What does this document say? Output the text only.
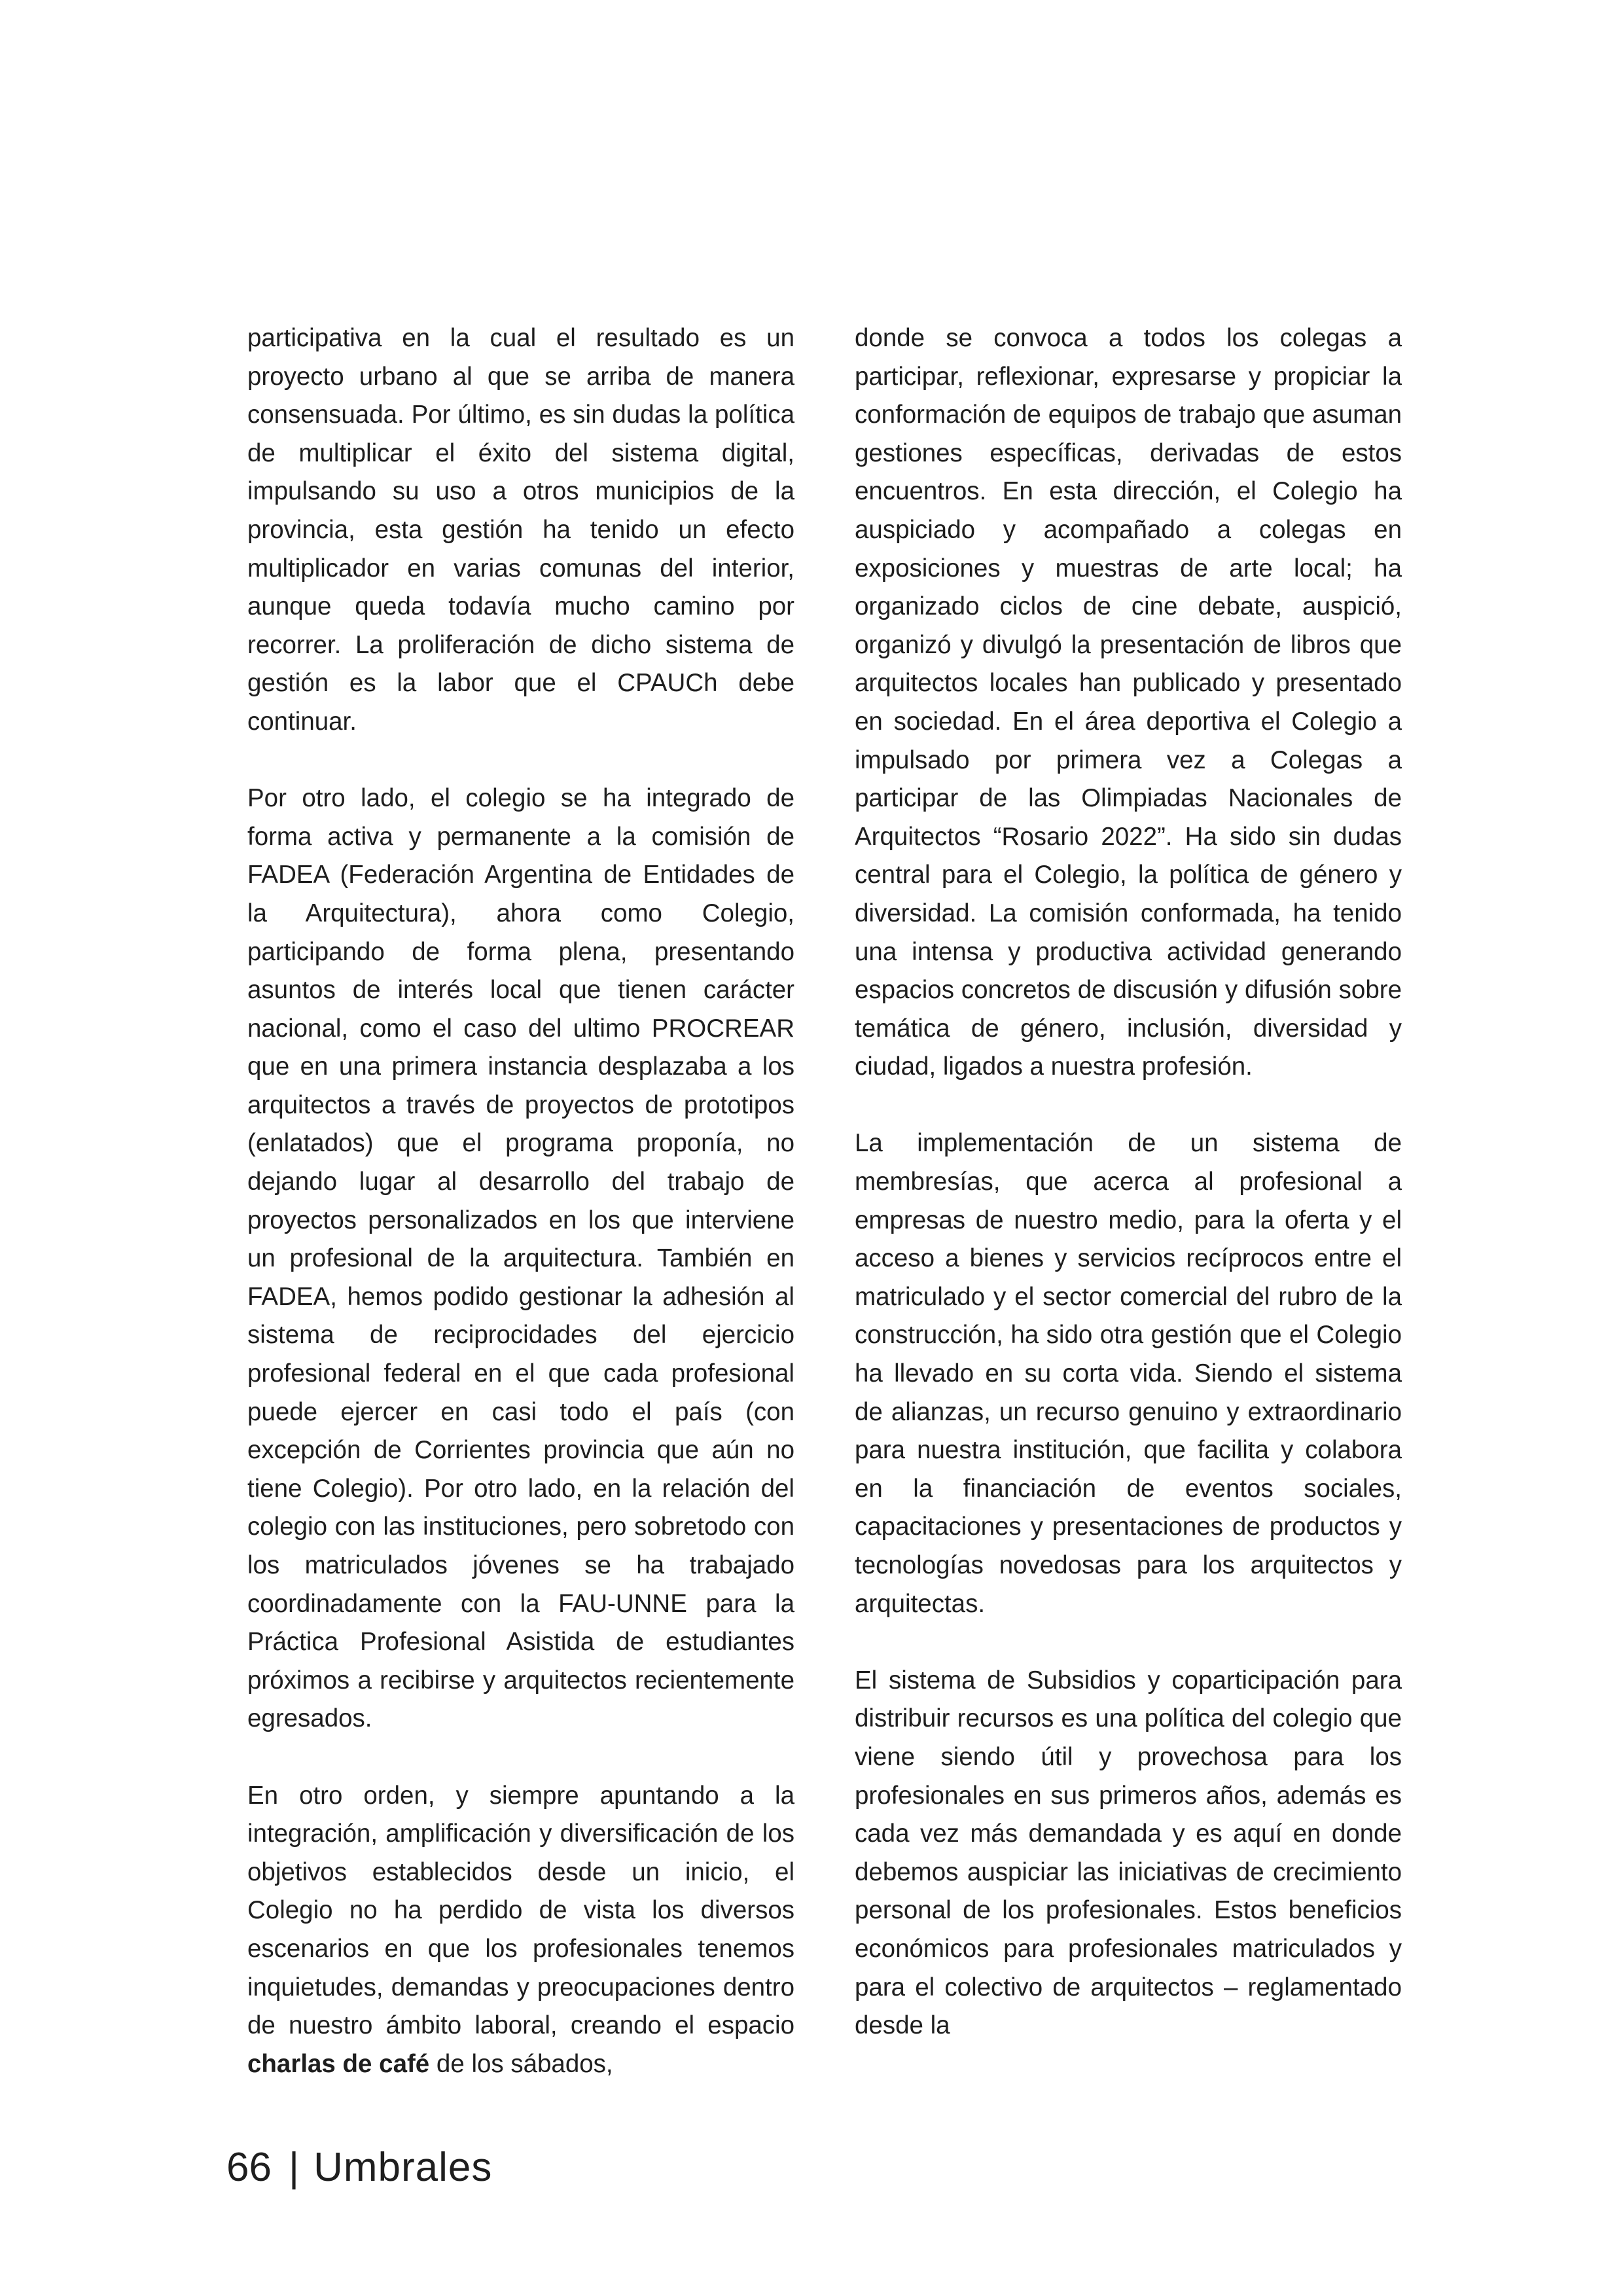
participativa en la cual el resultado es un proyecto urbano al que se arriba de manera consensuada. Por último, es sin dudas la política de multiplicar el éxito del sistema digital, impulsando su uso a otros municipios de la provincia, esta gestión ha tenido un efecto multiplicador en varias comunas del interior, aunque queda todavía mucho camino por recorrer. La proliferación de dicho sistema de gestión es la labor que el CPAUCh debe continuar.

Por otro lado, el colegio se ha integrado de forma activa y permanente a la comisión de FADEA (Federación Argentina de Entidades de la Arquitectura), ahora como Colegio, participando de forma plena, presentando asuntos de interés local que tienen carácter nacional, como el caso del ultimo PROCREAR que en una primera instancia desplazaba a los arquitectos a través de proyectos de prototipos (enlatados) que el programa proponía, no dejando lugar al desarrollo del trabajo de proyectos personalizados en los que interviene un profesional de la arquitectura. También en FADEA, hemos podido gestionar la adhesión al sistema de reciprocidades del ejercicio profesional federal en el que cada profesional puede ejercer en casi todo el país (con excepción de Corrientes provincia que aún no tiene Colegio). Por otro lado, en la relación del colegio con las instituciones, pero sobretodo con los matriculados jóvenes se ha trabajado coordinadamente con la FAU-UNNE para la Práctica Profesional Asistida de estudiantes próximos a recibirse y arquitectos recientemente egresados.

En otro orden, y siempre apuntando a la integración, amplificación y diversificación de los objetivos establecidos desde un inicio, el Colegio no ha perdido de vista los diversos escenarios en que los profesionales tenemos inquietudes, demandas y preocupaciones dentro de nuestro ámbito laboral, creando el espacio charlas de café de los sábados,

donde se convoca a todos los colegas a participar, reflexionar, expresarse y propiciar la conformación de equipos de trabajo que asuman gestiones específicas, derivadas de estos encuentros. En esta dirección, el Colegio ha auspiciado y acompañado a colegas en exposiciones y muestras de arte local; ha organizado ciclos de cine debate, auspició, organizó y divulgó la presentación de libros que arquitectos locales han publicado y presentado en sociedad. En el área deportiva el Colegio a impulsado por primera vez a Colegas a participar de las Olimpiadas Nacionales de Arquitectos “Rosario 2022”. Ha sido sin dudas central para el Colegio, la política de género y diversidad. La comisión conformada, ha tenido una intensa y productiva actividad generando espacios concretos de discusión y difusión sobre temática de género, inclusión, diversidad y ciudad, ligados a nuestra profesión.

La implementación de un sistema de membresías, que acerca al profesional a empresas de nuestro medio, para la oferta y el acceso a bienes y servicios recíprocos entre el matriculado y el sector comercial del rubro de la construcción, ha sido otra gestión que el Colegio ha llevado en su corta vida. Siendo el sistema de alianzas, un recurso genuino y extraordinario para nuestra institución, que facilita y colabora en la financiación de eventos sociales, capacitaciones y presentaciones de productos y tecnologías novedosas para los arquitectos y arquitectas.

El sistema de Subsidios y coparticipación para distribuir recursos es una política del colegio que viene siendo útil y provechosa para los profesionales en sus primeros años, además es cada vez más demandada y es aquí en donde debemos auspiciar las iniciativas de crecimiento personal de los profesionales. Estos beneficios económicos para profesionales matriculados y para el colectivo de arquitectos – reglamentado desde la

66 | Umbrales
